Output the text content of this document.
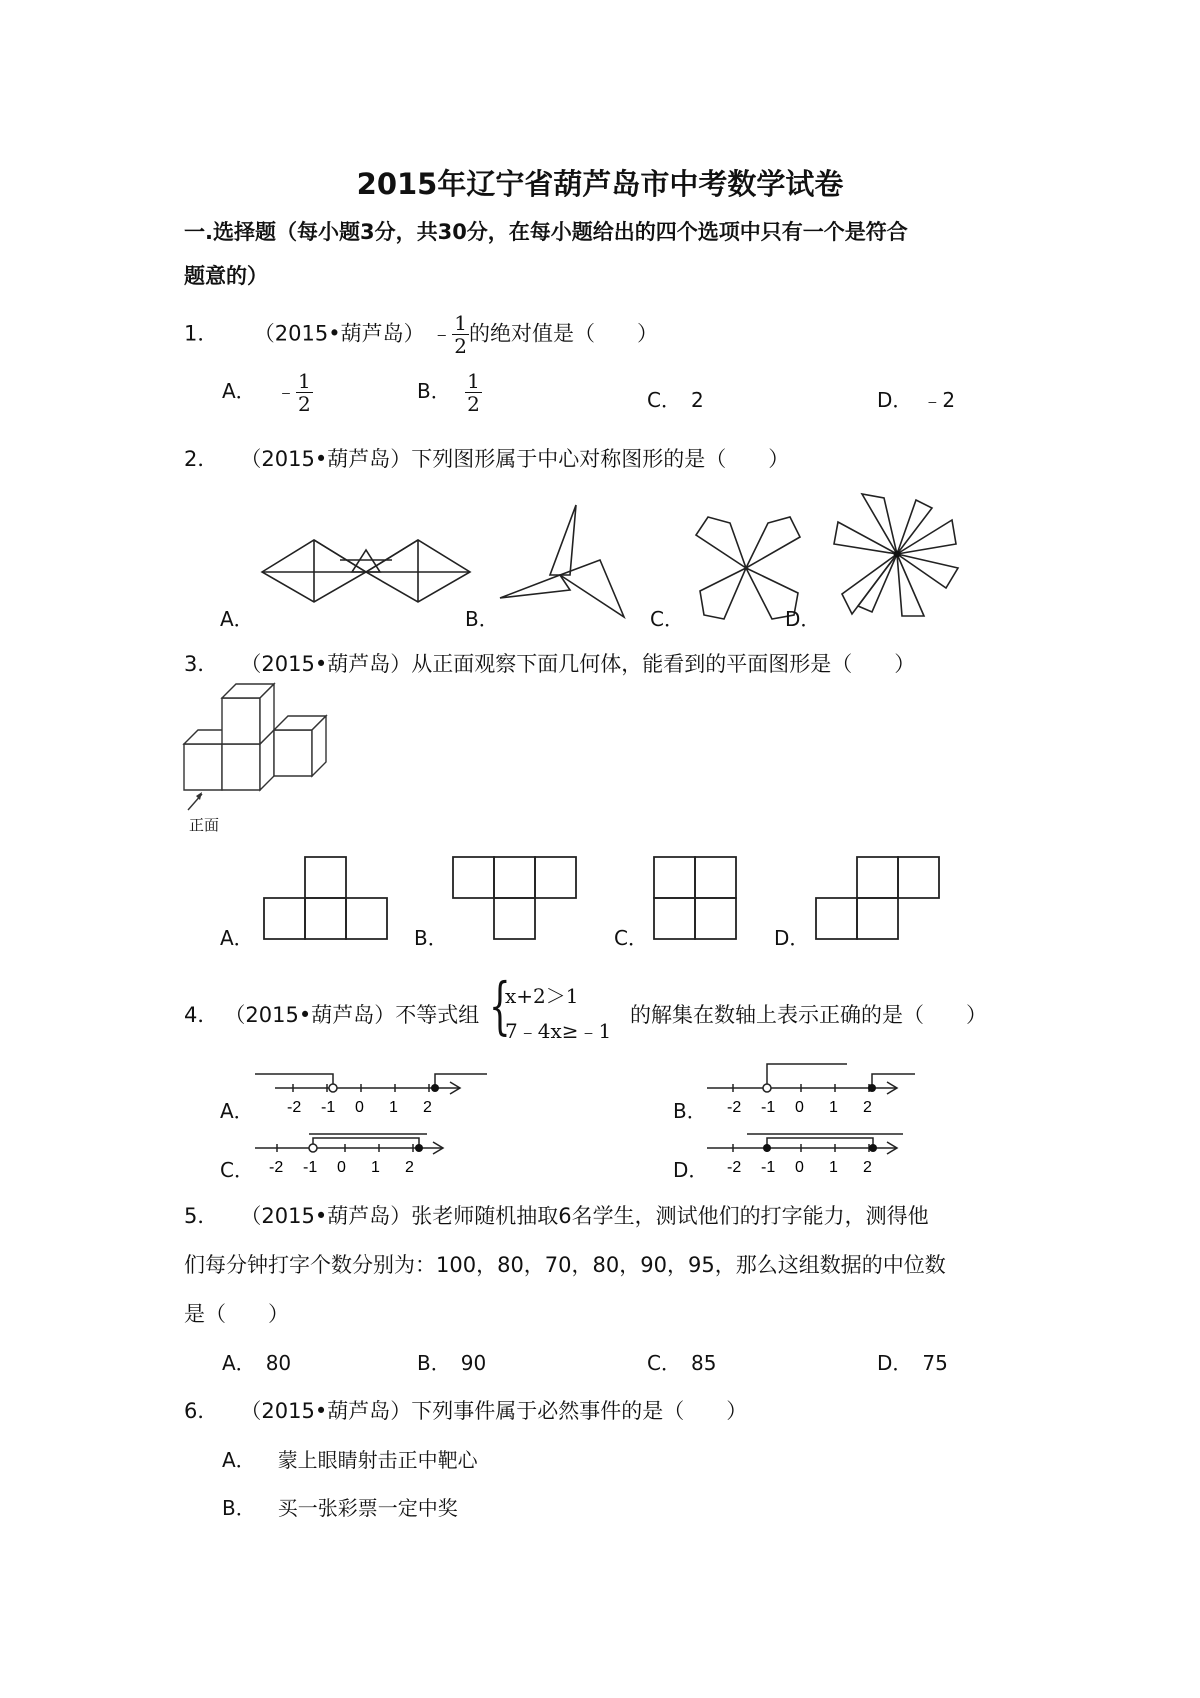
2015年辽宁省葫芦岛市中考数学试卷
一.选择题（每小题3分，共30分，在每小题给出的四个选项中只有一个是符合
题意的）
1． （2015•葫芦岛） ﹣ $\frac{1}{2}$ 的绝对值是（　　）
A． ﹣ $\frac{1}{2}$	B． $\frac{1}{2}$	C． 2	D． ﹣2
2． （2015•葫芦岛）下列图形属于中心对称图形的是（　　）
A．	B．	C．	D．
3． （2015•葫芦岛）从正面观察下面几何体，能看到的平面图形是（　　）
正面
A．	B．	C．	D．
4． （2015•葫芦岛）不等式组 {
x+2＞1
7﹣4x≥﹣1
的解集在数轴上表示正确的是（　　）
A． -2 -1 0 1 2	B． -2 -1 0 1 2
C． -2 -1 0 1 2	D． -2 -1 0 1 2
5． （2015•葫芦岛）张老师随机抽取6名学生，测试他们的打字能力，测得他
们每分钟打字个数分别为：100，80，70，80，90，95，那么这组数据的中位数
是（　　）
A． 80	B． 90	C． 85	D． 75
6． （2015•葫芦岛）下列事件属于必然事件的是（　　）
A． 蒙上眼睛射击正中靶心
B． 买一张彩票一定中奖
